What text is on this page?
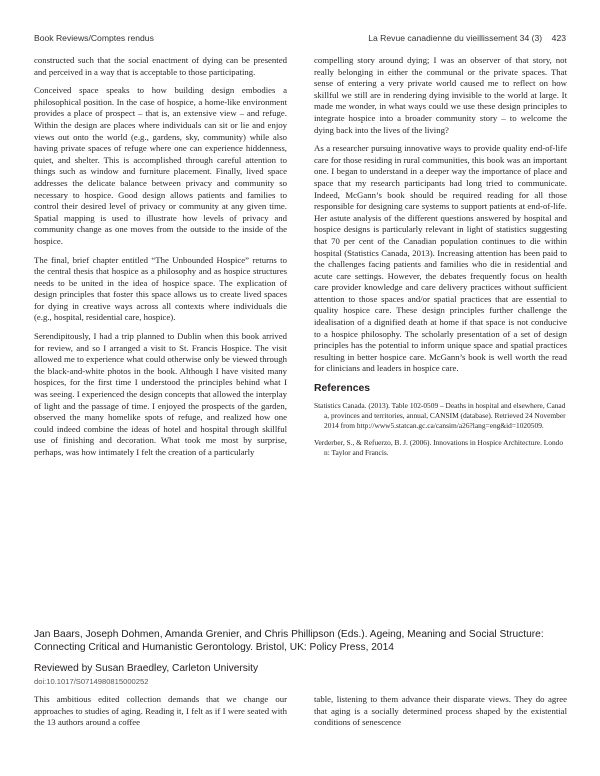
Book Reviews/Comptes rendus	La Revue canadienne du vieillissement 34 (3)    423

constructed such that the social enactment of dying can be presented and perceived in a way that is acceptable to those participating.

Conceived space speaks to how building design embodies a philosophical position. In the case of hospice, a home-like environment provides a place of prospect – that is, an extensive view – and refuge. Within the design are places where individuals can sit or lie and enjoy views out onto the world (e.g., gardens, sky, community) while also having private spaces of refuge where one can experience hiddenness, quiet, and shelter. This is accomplished through careful attention to things such as window and furniture placement. Finally, lived space addresses the delicate balance between privacy and community so necessary to hospice. Good design allows patients and families to control their desired level of privacy or community at any given time. Spatial mapping is used to illustrate how levels of privacy and community change as one moves from the outside to the inside of the hospice.

The final, brief chapter entitled “The Unbounded Hospice” returns to the central thesis that hospice as a philosophy and as hospice structures needs to be united in the idea of hospice space. The explication of design principles that foster this space allows us to create lived spaces for dying in creative ways across all contexts where individuals die (e.g., hospital, residential care, hospice).

Serendipitously, I had a trip planned to Dublin when this book arrived for review, and so I arranged a visit to St. Francis Hospice. The visit allowed me to experience what could otherwise only be viewed through the black-and-white photos in the book. Although I have visited many hospices, for the first time I understood the principles behind what I was seeing. I experienced the design concepts that allowed the interplay of light and the passage of time. I enjoyed the prospects of the garden, observed the many homelike spots of refuge, and realized how one could indeed combine the ideas of hotel and hospital through skillful use of finishing and decoration. What took me most by surprise, perhaps, was how intimately I felt the creation of a particularly

compelling story around dying; I was an observer of that story, not really belonging in either the communal or the private spaces. That sense of entering a very private world caused me to reflect on how skillful we still are in rendering dying invisible to the world at large. It made me wonder, in what ways could we use these design principles to integrate hospice into a broader community story – to welcome the dying back into the lives of the living?

As a researcher pursuing innovative ways to provide quality end-of-life care for those residing in rural communities, this book was an important one. I began to understand in a deeper way the importance of place and space that my research participants had long tried to communicate. Indeed, McGann’s book should be required reading for all those responsible for designing care systems to support patients at end-of-life. Her astute analysis of the different questions answered by hospital and hospice designs is particularly relevant in light of statistics suggesting that 70 per cent of the Canadian population continues to die within hospital (Statistics Canada, 2013). Increasing attention has been paid to the challenges facing patients and families who die in residential and acute care settings. However, the debates frequently focus on health care provider knowledge and care delivery practices without sufficient attention to those spaces and/or spatial practices that are essential to quality hospice care. These design principles further challenge the idealisation of a dignified death at home if that space is not conducive to a hospice philosophy. The scholarly presentation of a set of design principles has the potential to inform unique space and spatial practices resulting in better hospice care. McGann’s book is well worth the read for clinicians and leaders in hospice care.

References

Statistics Canada. (2013). Table 102-0509 – Deaths in hospital and elsewhere, Canada, provinces and territories, annual, CANSIM (database). Retrieved 24 November 2014 from http://www5.statcan.gc.ca/cansim/a26?lang=eng&id=1020509.

Verderber, S., & Refuerzo, B. J. (2006). Innovations in Hospice Architecture. London: Taylor and Francis.

Jan Baars, Joseph Dohmen, Amanda Grenier, and Chris Phillipson (Eds.). Ageing, Meaning and Social Structure: Connecting Critical and Humanistic Gerontology. Bristol, UK: Policy Press, 2014
Reviewed by Susan Braedley, Carleton University
doi:10.1017/S0714980815000252
This ambitious edited collection demands that we change our approaches to studies of aging. Reading it, I felt as if I were seated with the 13 authors around a coffee
table, listening to them advance their disparate views. They do agree that aging is a socially determined process shaped by the existential conditions of senescence
